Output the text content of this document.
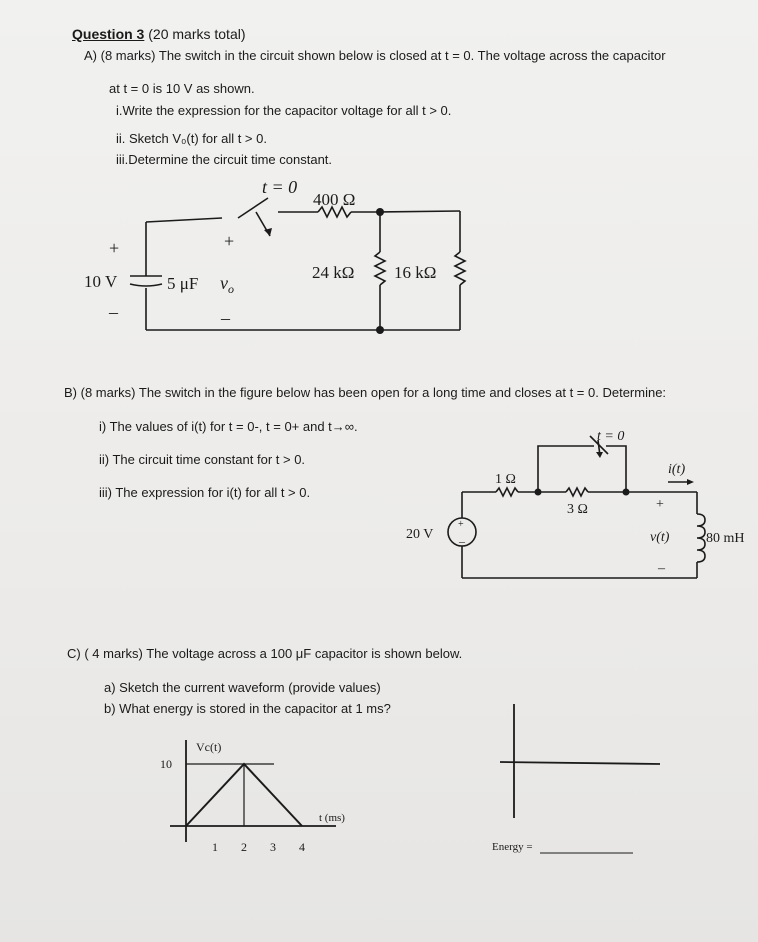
Question 3 (20 marks total)
A) (8 marks) The switch in the circuit shown below is closed at t = 0. The voltage across the capacitor
at t = 0 is 10 V as shown.
i.Write the expression for the capacitor voltage for all t > 0.
ii. Sketch V₀(t) for all t > 0.
iii.Determine the circuit time constant.
t = 0
400 Ω
+
10 V
–
5 μF $v_o$
+
–
24 kΩ 16 kΩ
B) (8 marks) The switch in the figure below has been open for a long time and closes at t = 0. Determine:
i) The values of i(t) for t = 0-, t = 0+ and t→∞.
ii) The circuit time constant for t > 0.
iii) The expression for i(t) for all t > 0.
t = 0
1 Ω
3 Ω
i(t)
+
v(t)
–
80 mH
20 V
+
–
C) ( 4 marks) The voltage across a 100 μF capacitor is shown below.
a) Sketch the current waveform (provide values)
b) What energy is stored in the capacitor at 1 ms?
1 2 3 4
10
Vc(t)
t (ms)
Energy =
